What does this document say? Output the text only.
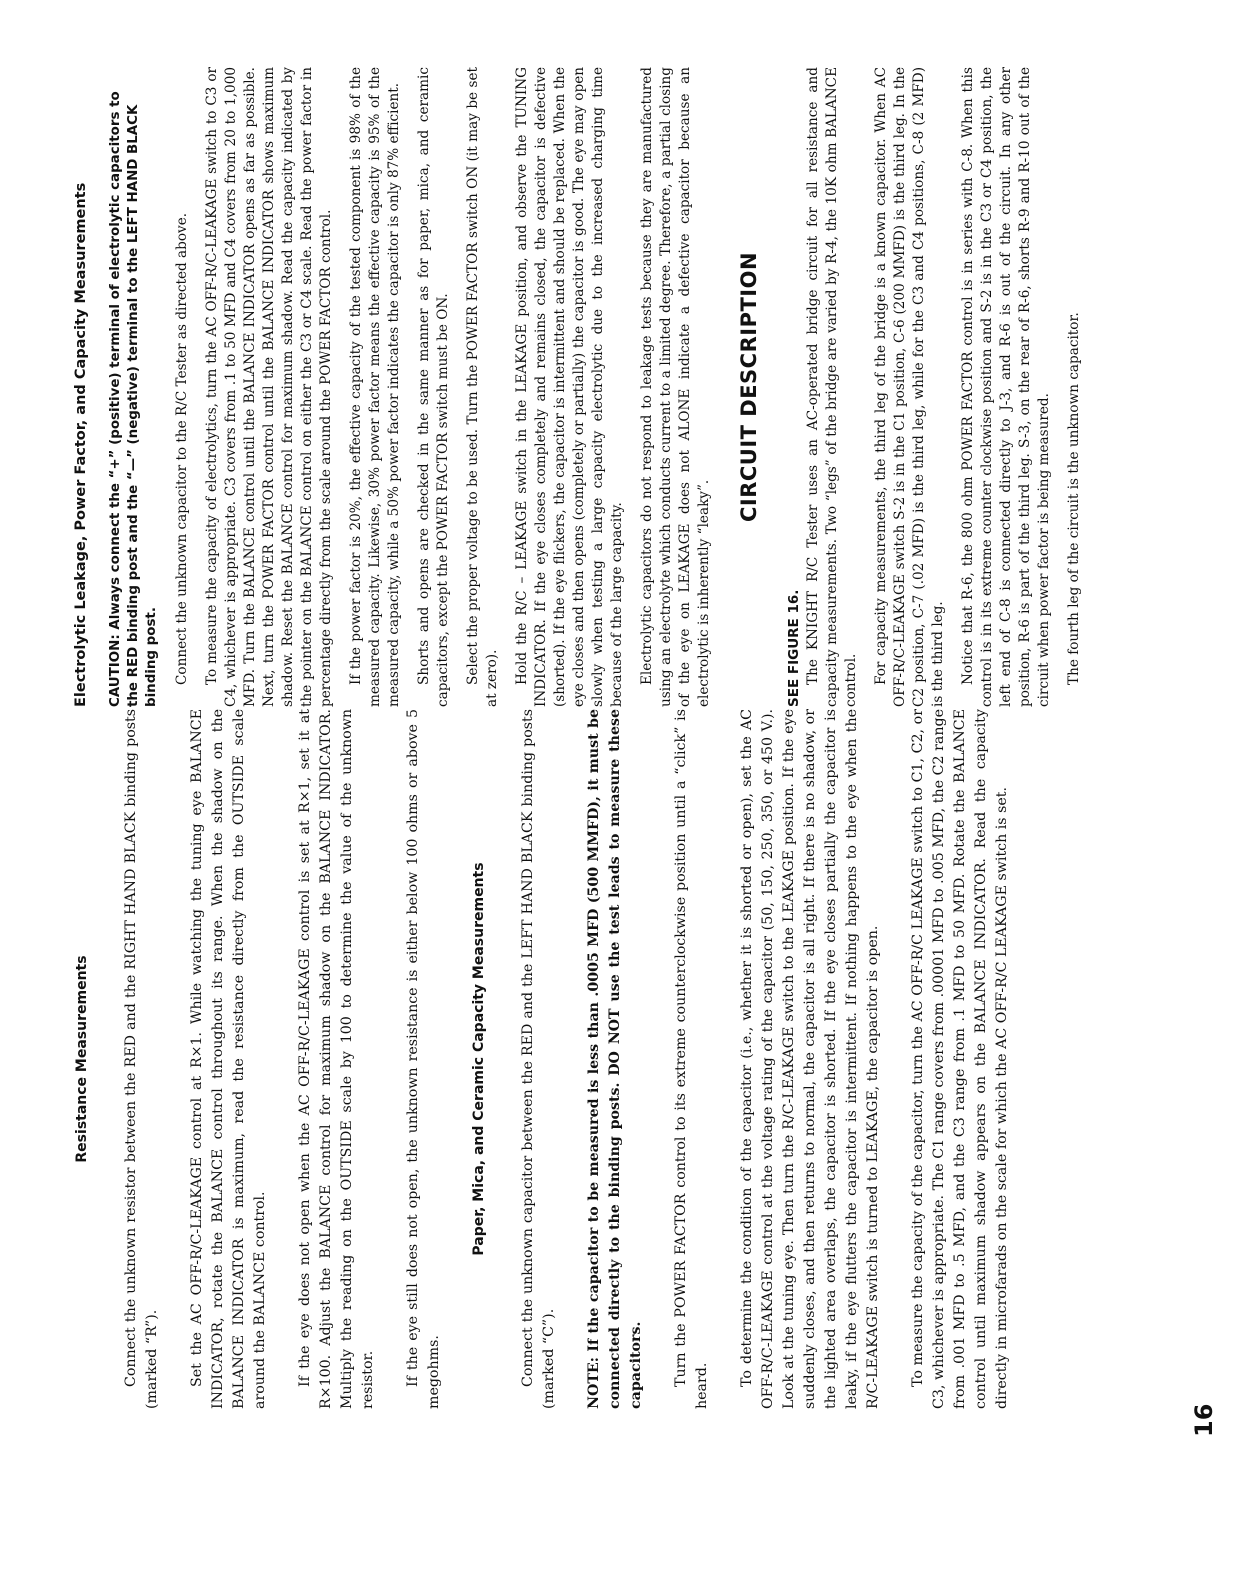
Resistance Measurements Connect the unknown resistor between the RED and the RIGHT HAND BLACK binding posts (marked “R”). Set the AC OFF-R/C-LEAKAGE control at R×1. While watching the tuning eye BALANCE INDICATOR, rotate the BALANCE control throughout its range. When the shadow on the BALANCE INDICATOR is maximum, read the resistance directly from the OUTSIDE scale around the BALANCE control. If the eye does not open when the AC OFF-R/C-LEAKAGE control is set at R×1, set it at R×100. Adjust the BALANCE control for maximum shadow on the BALANCE INDICATOR. Multiply the reading on the OUTSIDE scale by 100 to determine the value of the unknown resistor. If the eye still does not open, the unknown resistance is either below 100 ohms or above 5 megohms.

Paper, Mica, and Ceramic Capacity Measurements Connect the unknown capacitor between the RED and the LEFT HAND BLACK binding posts (marked “C”). NOTE: If the capacitor to be measured is less than .0005 MFD (500 MMFD), it must be connected directly to the binding posts. DO NOT use the test leads to measure these capacitors. Turn the POWER FACTOR control to its extreme counterclockwise position until a “click” is heard. To determine the condition of the capacitor (i.e., whether it is shorted or open), set the AC OFF-R/C-LEAKAGE control at the voltage rating of the capacitor (50, 150, 250, 350, or 450 V.). Look at the tuning eye. Then turn the R/C-LEAKAGE switch to the LEAKAGE position. If the eye suddenly closes, and then returns to normal, the capacitor is all right. If there is no shadow, or the lighted area overlaps, the capacitor is shorted. If the eye closes partially the capacitor is leaky, if the eye flutters the capacitor is intermittent. If nothing happens to the eye when the R/C-LEAKAGE switch is turned to LEAKAGE, the capacitor is open. To measure the capacity of the capacitor, turn the AC OFF-R/C LEAKAGE switch to C1, C2, or C3, whichever is appropriate. The C1 range covers from .00001 MFD to .005 MFD, the C2 range from .001 MFD to .5 MFD, and the C3 range from .1 MFD to 50 MFD. Rotate the BALANCE control until maximum shadow appears on the BALANCE INDICATOR. Read the capacity directly in microfarads on the scale for which the AC OFF-R/C LEAKAGE switch is set.

Electrolytic Leakage, Power Factor, and Capacity Measurements CAUTION: Always connect the “+” (positive) terminal of electrolytic capacitors to the RED binding post and the “—” (negative) terminal to the LEFT HAND BLACK binding post. Connect the unknown capacitor to the R/C Tester as directed above. To measure the capacity of electrolytics, turn the AC OFF-R/C-LEAKAGE switch to C3 or C4, whichever is appropriate. C3 covers from .1 to 50 MFD and C4 covers from 20 to 1,000 MFD. Turn the BALANCE control until the BALANCE INDICATOR opens as far as possible. Next, turn the POWER FACTOR control until the BALANCE INDICATOR shows maximum shadow. Reset the BALANCE control for maximum shadow. Read the capacity indicated by the pointer on the BALANCE control on either the C3 or C4 scale. Read the power factor in percentage directly from the scale around the POWER FACTOR control. If the power factor is 20%, the effective capacity of the tested component is 98% of the measured capacity. Likewise, 30% power factor means the effective capacity is 95% of the measured capacity, while a 50% power factor indicates the capacitor is only 87% efficient. Shorts and opens are checked in the same manner as for paper, mica, and ceramic capacitors, except the POWER FACTOR switch must be ON. Select the proper voltage to be used. Turn the POWER FACTOR switch ON (it may be set at zero). Hold the R/C – LEAKAGE switch in the LEAKAGE position, and observe the TUNING INDICATOR. If the eye closes completely and remains closed, the capacitor is defective (shorted). If the eye flickers, the capacitor is intermittent and should be replaced. When the eye closes and then opens (completely or partially) the capacitor is good. The eye may open slowly when testing a large capacity electrolytic due to the increased charging time because of the large capacity. Electrolytic capacitors do not respond to leakage tests because they are manufactured using an electrolyte which conducts current to a limited degree. Therefore, a partial closing of the eye on LEAKAGE does not ALONE indicate a defective capacitor because an electrolytic is inherently “leaky”.

CIRCUIT DESCRIPTION
SEE FIGURE 16. The KNIGHT R/C Tester uses an AC-operated bridge circuit for all resistance and capacity measurements. Two “legs” of the bridge are varied by R-4, the 10K ohm BALANCE control. For capacity measurements, the third leg of the bridge is a known capacitor. When AC OFF-R/C-LEAKAGE switch S-2 is in the C1 position, C-6 (200 MMFD) is the third leg. In the C2 position, C-7 (.02 MFD) is the third leg, while for the C3 and C4 positions, C-8 (2 MFD) is the third leg. Notice that R-6, the 800 ohm POWER FACTOR control is in series with C-8. When this control is in its extreme counter clockwise position and S-2 is in the C3 or C4 position, the left end of C-8 is connected directly to J-3, and R-6 is out of the circuit. In any other position, R-6 is part of the third leg. S-3, on the rear of R-6, shorts R-9 and R-10 out of the circuit when power factor is being measured. The fourth leg of the circuit is the unknown capacitor.

16
